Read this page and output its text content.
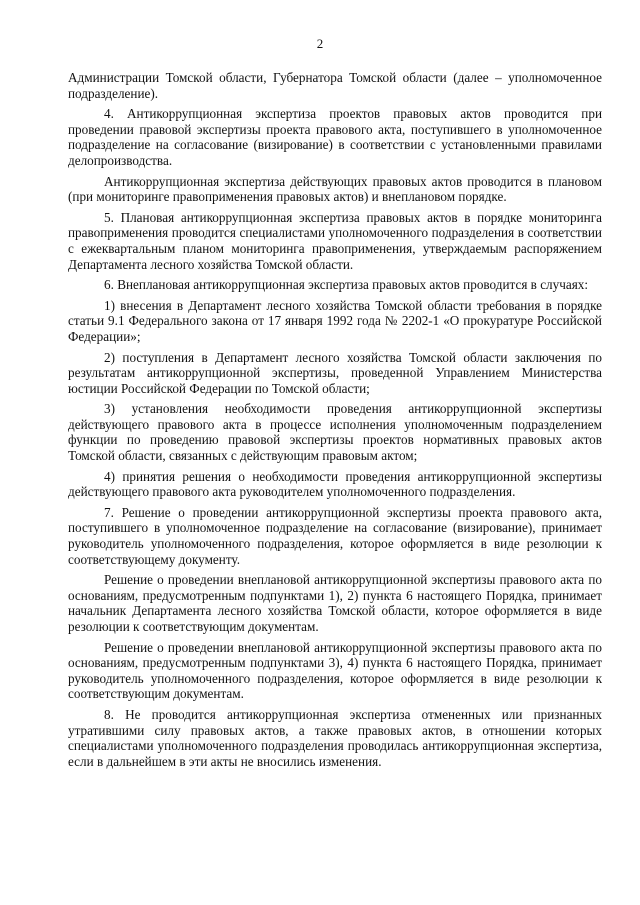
2

Администрации Томской области, Губернатора Томской области (далее – уполномоченное подразделение).

4. Антикоррупционная экспертиза проектов правовых актов проводится при проведении правовой экспертизы проекта правового акта, поступившего в уполномоченное подразделение на согласование (визирование) в соответствии с установленными правилами делопроизводства.

Антикоррупционная экспертиза действующих правовых актов проводится в плановом (при мониторинге правоприменения правовых актов) и внеплановом порядке.

5. Плановая антикоррупционная экспертиза правовых актов в порядке мониторинга правоприменения проводится специалистами уполномоченного подразделения в соответствии с ежеквартальным планом мониторинга правоприменения, утверждаемым распоряжением Департамента лесного хозяйства Томской области.

6. Внеплановая антикоррупционная экспертиза правовых актов проводится в случаях:

1) внесения в Департамент лесного хозяйства Томской области требования в порядке статьи 9.1 Федерального закона от 17 января 1992 года № 2202-1 «О прокуратуре Российской Федерации»;

2) поступления в Департамент лесного хозяйства Томской области заключения по результатам антикоррупционной экспертизы, проведенной Управлением Министерства юстиции Российской Федерации по Томской области;

3) установления необходимости проведения антикоррупционной экспертизы действующего правового акта в процессе исполнения уполномоченным подразделением функции по проведению правовой экспертизы проектов нормативных правовых актов Томской области, связанных с действующим правовым актом;

4) принятия решения о необходимости проведения антикоррупционной экспертизы действующего правового акта руководителем уполномоченного подразделения.

7. Решение о проведении антикоррупционной экспертизы проекта правового акта, поступившего в уполномоченное подразделение на согласование (визирование), принимает руководитель уполномоченного подразделения, которое оформляется в виде резолюции к соответствующему документу.

Решение о проведении внеплановой антикоррупционной экспертизы правового акта по основаниям, предусмотренным подпунктами 1), 2) пункта 6 настоящего Порядка, принимает начальник Департамента лесного хозяйства Томской области, которое оформляется в виде резолюции к соответствующим документам.

Решение о проведении внеплановой антикоррупционной экспертизы правового акта по основаниям, предусмотренным подпунктами 3), 4) пункта 6 настоящего Порядка, принимает руководитель уполномоченного подразделения, которое оформляется в виде резолюции к соответствующим документам.

8. Не проводится антикоррупционная экспертиза отмененных или признанных утратившими силу правовых актов, а также правовых актов, в отношении которых специалистами уполномоченного подразделения проводилась антикоррупционная экспертиза, если в дальнейшем в эти акты не вносились изменения.
